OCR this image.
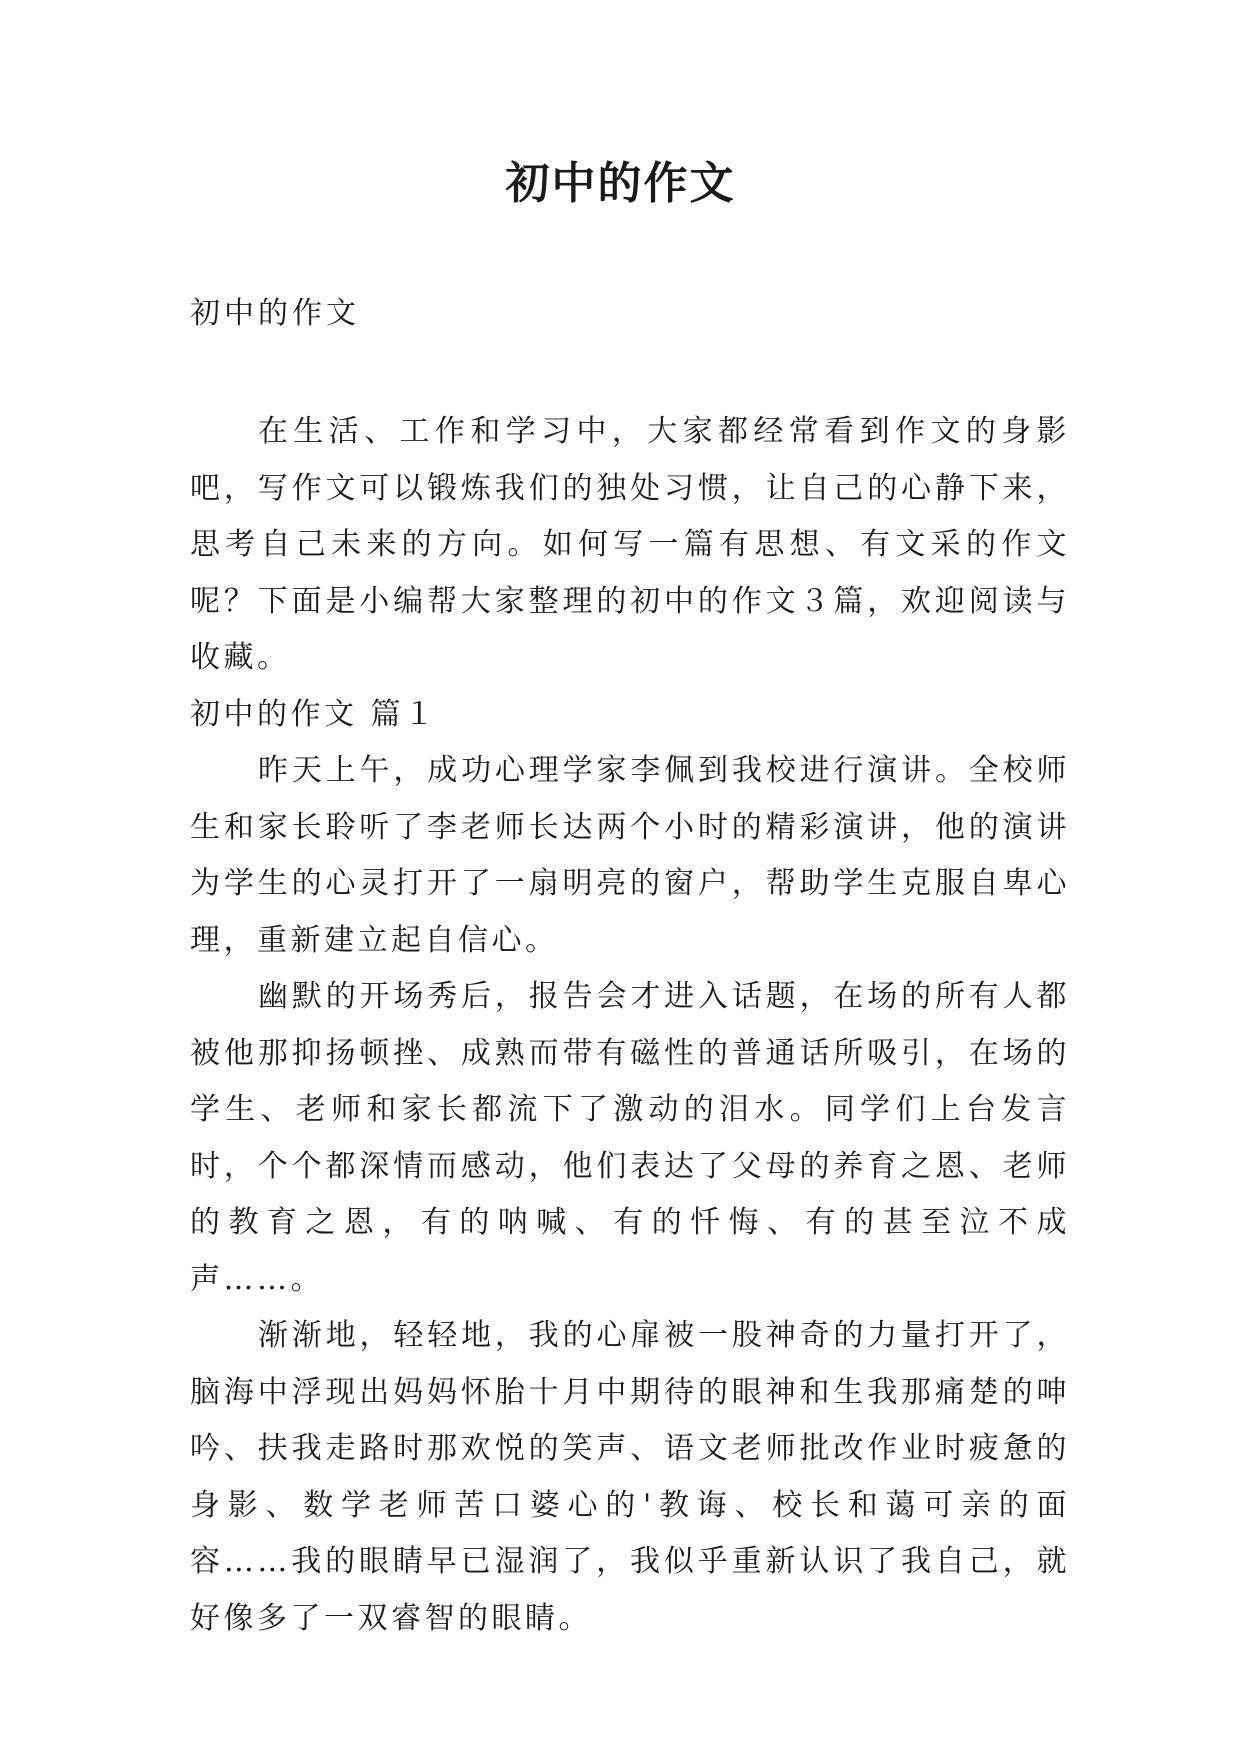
初中的作文

初中的作文

在生活、工作和学习中，大家都经常看到作文的身影吧，写作文可以锻炼我们的独处习惯，让自己的心静下来，思考自己未来的方向。如何写一篇有思想、有文采的作文呢？下面是小编帮大家整理的初中的作文３篇，欢迎阅读与收藏。

初中的作文 篇１

昨天上午，成功心理学家李佩到我校进行演讲。全校师生和家长聆听了李老师长达两个小时的精彩演讲，他的演讲为学生的心灵打开了一扇明亮的窗户，帮助学生克服自卑心理，重新建立起自信心。

幽默的开场秀后，报告会才进入话题，在场的所有人都被他那抑扬顿挫、成熟而带有磁性的普通话所吸引，在场的学生、老师和家长都流下了激动的泪水。同学们上台发言时，个个都深情而感动，他们表达了父母的养育之恩、老师的教育之恩，有的呐喊、有的忏悔、有的甚至泣不成声……。

渐渐地，轻轻地，我的心扉被一股神奇的力量打开了，脑海中浮现出妈妈怀胎十月中期待的眼神和生我那痛楚的呻吟、扶我走路时那欢悦的笑声、语文老师批改作业时疲惫的身影、数学老师苦口婆心的'教诲、校长和蔼可亲的面容……我的眼睛早已湿润了，我似乎重新认识了我自己，就好像多了一双睿智的眼睛。
